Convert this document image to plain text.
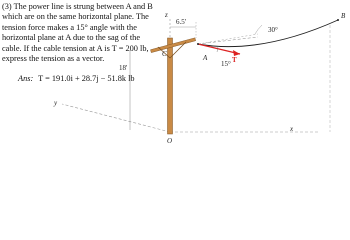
(3) The power line is strung between A and B
which are on the same horizontal plane. The
tension force makes a 15° angle with the
horizontal plane at A due to the sag of the
cable. If the cable tension at A is T = 200 lb,
express the tension as a vector.
Ans: T = 191.0i + 28.7j − 51.8k lb
z
y
x
O
C	A
B
T
18'
6.5'
30°
15°
